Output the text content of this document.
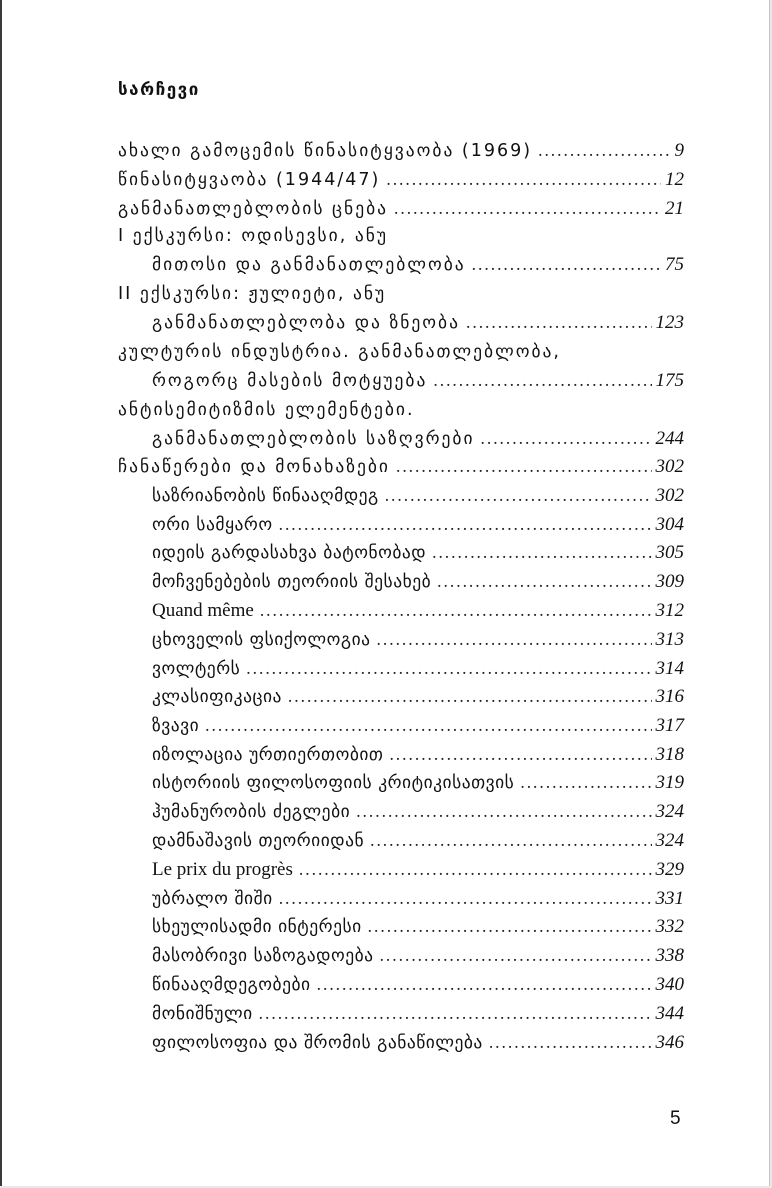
სარჩევი
ახალი გამოცემის წინასიტყვაობა (1969) . . .	9
წინასიტყვაობა (1944/47) . . .	12
განმანათლებლობის ცნება . . .	21
I ექსკურსი: ოდისევსი, ანუ
მითოსი და განმანათლებლობა . . .	75
II ექსკურსი: ჟულიეტი, ანუ
განმანათლებლობა და ზნეობა . . .	123
კულტურის ინდუსტრია. განმანათლებლობა,
როგორც მასების მოტყუება . . .	175
ანტისემიტიზმის ელემენტები.
განმანათლებლობის საზღვრები . . .	244
ჩანაწერები და მონახაზები . . .	302
საზრიანობის წინააღმდეგ . . .	302
ორი სამყარო . . .	304
იდეის გარდასახვა ბატონობად . . .	305
მოჩვენებების თეორიის შესახებ . . .	309
Quand même . . .	312
ცხოველის ფსიქოლოგია . . .	313
ვოლტერს . . .	314
კლასიფიკაცია . . .	316
ზვავი . . .	317
იზოლაცია ურთიერთობით . . .	318
ისტორიის ფილოსოფიის კრიტიკისათვის . . .	319
ჰუმანურობის ძეგლები . . .	324
დამნაშავის თეორიიდან . . .	324
Le prix du progrès . . .	329
უბრალო შიში . . .	331
სხეულისადმი ინტერესი . . .	332
მასობრივი საზოგადოება . . .	338
წინააღმდეგობები . . .	340
მონიშნული . . .	344
ფილოსოფია და შრომის განაწილება . . .	346
5
